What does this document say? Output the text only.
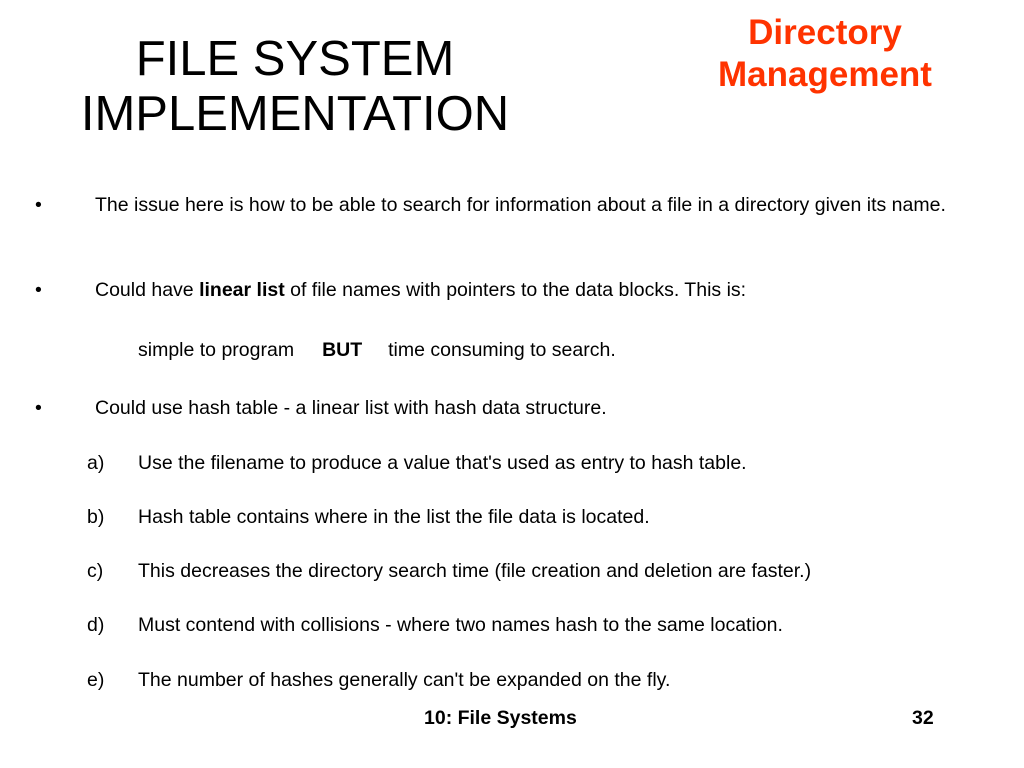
FILE SYSTEM
IMPLEMENTATION
Directory
Management
•	The issue here is how to be able to search for information about a file in a directory given its name.
•	Could have linear list of file names with pointers to the data blocks. This is:
simple to program BUT time consuming to search.
•	Could use hash table - a linear list with hash data structure.
a) Use the filename to produce a value that's used as entry to hash table.
b) Hash table contains where in the list the file data is located.
c) This decreases the directory search time (file creation and deletion are faster.)
d) Must contend with collisions - where two names hash to the same location.
e) The number of hashes generally can't be expanded on the fly.
10: File Systems	32
